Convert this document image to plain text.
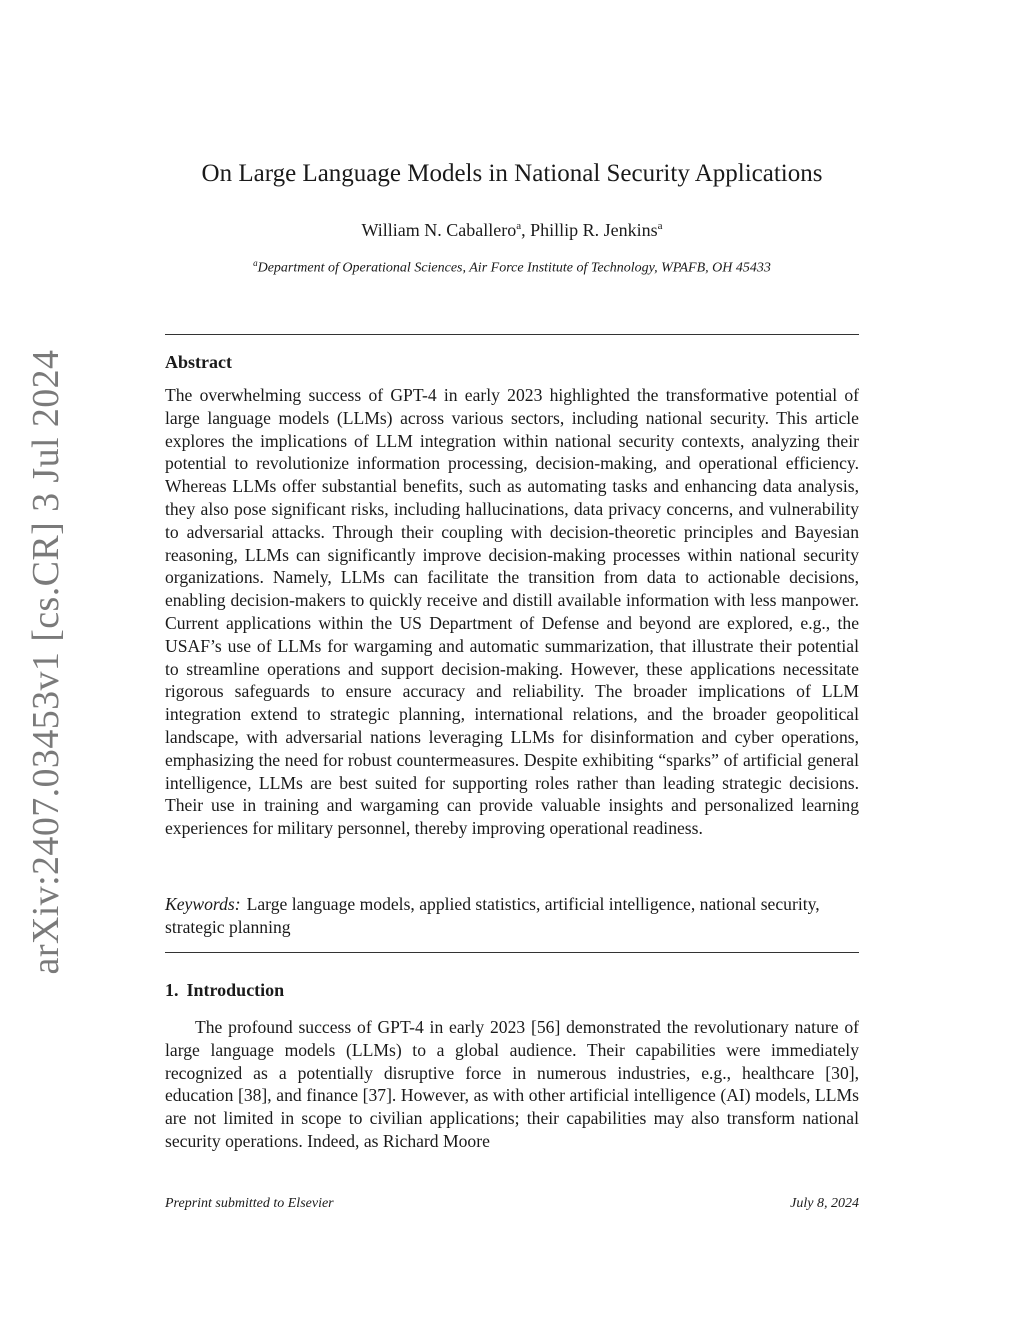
arXiv:2407.03453v1 [cs.CR] 3 Jul 2024
On Large Language Models in National Security Applications
William N. Caballero$^a$, Phillip R. Jenkins$^a$
$^a$Department of Operational Sciences, Air Force Institute of Technology, WPAFB, OH 45433
Abstract
The overwhelming success of GPT-4 in early 2023 highlighted the transformative potential of large language models (LLMs) across various sectors, including national security. This article explores the implications of LLM integration within national security contexts, analyzing their potential to revolutionize information processing, decision-making, and operational efficiency. Whereas LLMs offer substantial benefits, such as automating tasks and enhancing data analysis, they also pose significant risks, including hallucinations, data privacy concerns, and vulnerability to adversarial attacks. Through their coupling with decision-theoretic principles and Bayesian reasoning, LLMs can significantly improve decision-making processes within national security organizations. Namely, LLMs can facilitate the transition from data to actionable decisions, enabling decision-makers to quickly receive and distill available information with less manpower. Current applications within the US Department of Defense and beyond are explored, e.g., the USAF’s use of LLMs for wargaming and automatic summarization, that illustrate their potential to streamline operations and support decision-making. However, these applications necessitate rigorous safeguards to ensure accuracy and reliability. The broader implications of LLM integration extend to strategic planning, international relations, and the broader geopolitical landscape, with adversarial nations leveraging LLMs for disinformation and cyber operations, emphasizing the need for robust countermeasures. Despite exhibiting “sparks” of artificial general intelligence, LLMs are best suited for supporting roles rather than leading strategic decisions. Their use in training and wargaming can provide valuable insights and personalized learning experiences for military personnel, thereby improving operational readiness.
Keywords: Large language models, applied statistics, artificial intelligence, national security, strategic planning
1. Introduction
The profound success of GPT-4 in early 2023 [56] demonstrated the revolutionary nature of large language models (LLMs) to a global audience. Their capabilities were immediately recognized as a potentially disruptive force in numerous industries, e.g., healthcare [30], education [38], and finance [37]. However, as with other artificial intelligence (AI) models, LLMs are not limited in scope to civilian applications; their capabilities may also transform national security operations. Indeed, as Richard Moore
Preprint submitted to Elsevier	July 8, 2024
